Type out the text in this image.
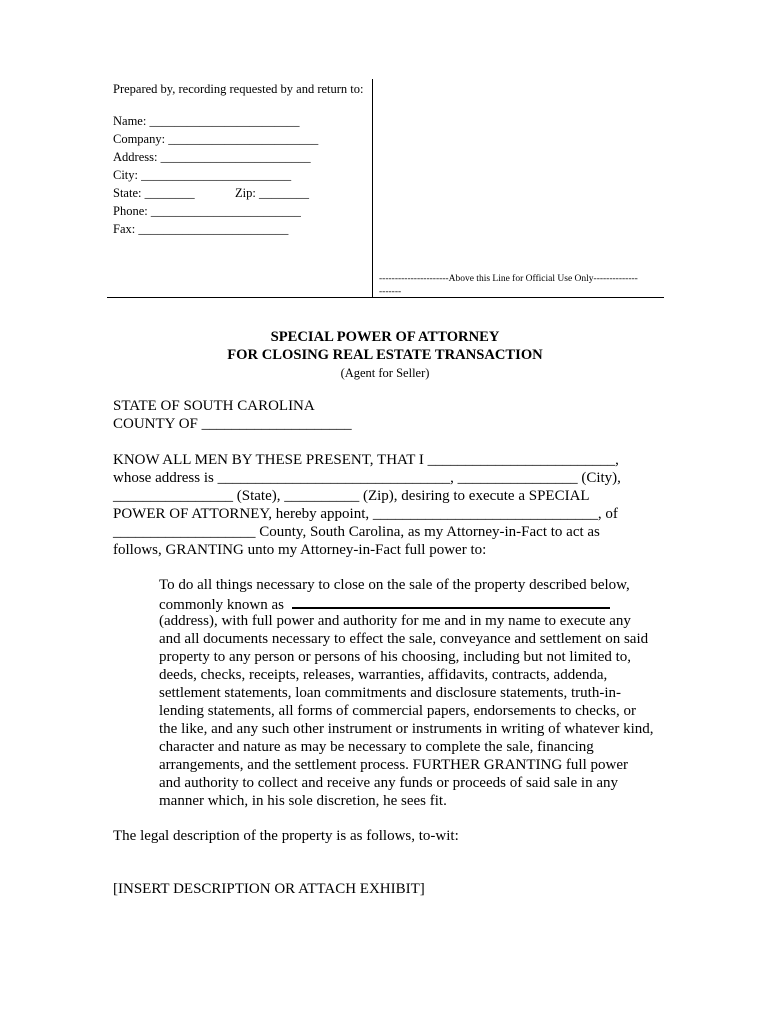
Prepared by, recording requested by and return to:
Name: ________________________
Company: ________________________
Address: ________________________
City: ________________________
State: ________	Zip: ________
Phone: ________________________
Fax: ________________________
----------------------Above this Line for Official Use Only--------------
-------
SPECIAL POWER OF ATTORNEY
FOR CLOSING REAL ESTATE TRANSACTION
(Agent for Seller)
STATE OF SOUTH CAROLINA
COUNTY OF ____________________
KNOW ALL MEN BY THESE PRESENT, THAT I _________________________,
whose address is _______________________________, ________________ (City),
________________ (State), __________ (Zip), desiring to execute a SPECIAL
POWER OF ATTORNEY, hereby appoint, ______________________________, of
___________________ County, South Carolina, as my Attorney-in-Fact to act as
follows, GRANTING unto my Attorney-in-Fact full power to:
To do all things necessary to close on the sale of the property described below,
commonly known as
(address), with full power and authority for me and in my name to execute any
and all documents necessary to effect the sale, conveyance and settlement on said
property to any person or persons of his choosing, including but not limited to,
deeds, checks, receipts, releases, warranties, affidavits, contracts, addenda,
settlement statements, loan commitments and disclosure statements, truth-in-
lending statements, all forms of commercial papers, endorsements to checks, or
the like, and any such other instrument or instruments in writing of whatever kind,
character and nature as may be necessary to complete the sale, financing
arrangements, and the settlement process. FURTHER GRANTING full power
and authority to collect and receive any funds or proceeds of said sale in any
manner which, in his sole discretion, he sees fit.
The legal description of the property is as follows, to-wit:
[INSERT DESCRIPTION OR ATTACH EXHIBIT]
